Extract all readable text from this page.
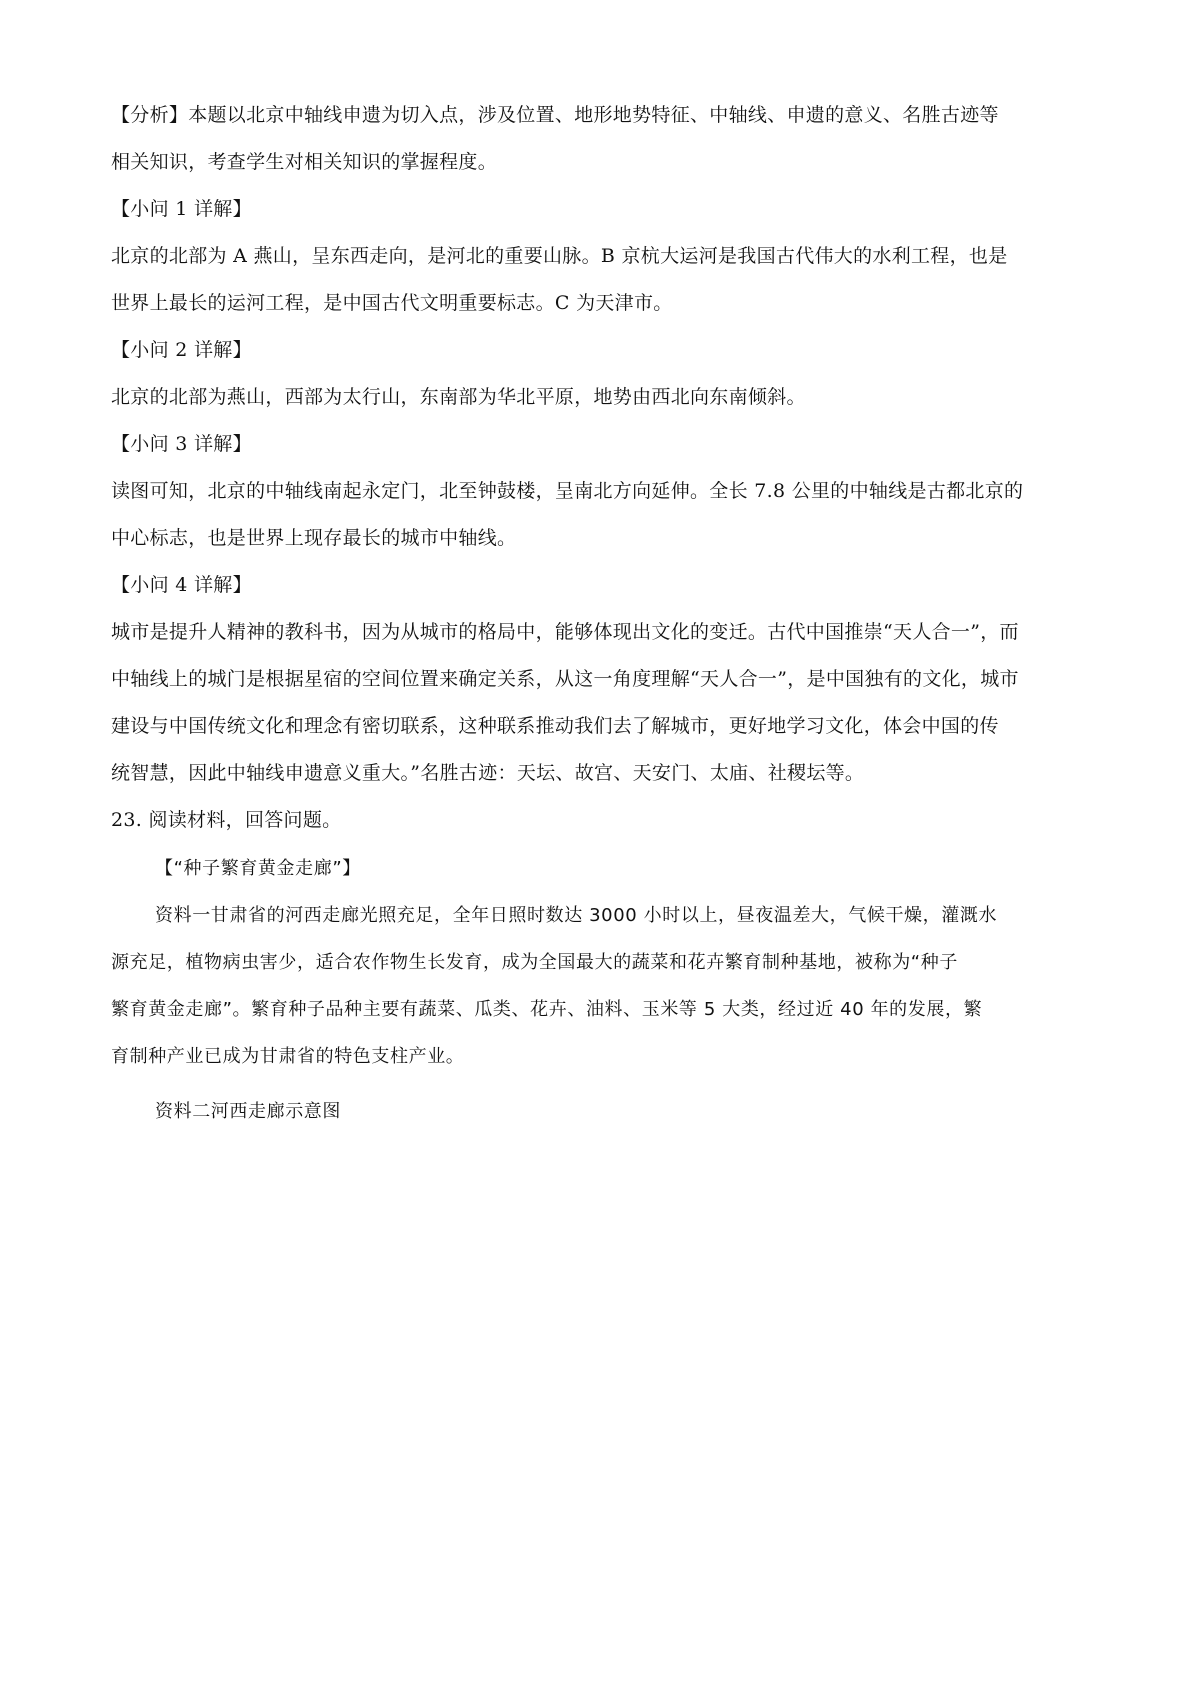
【分析】本题以北京中轴线申遗为切入点，涉及位置、地形地势特征、中轴线、申遗的意义、名胜古迹等
相关知识，考查学生对相关知识的掌握程度。
【小问 1 详解】
北京的北部为 A 燕山，呈东西走向，是河北的重要山脉。B 京杭大运河是我国古代伟大的水利工程，也是
世界上最长的运河工程，是中国古代文明重要标志。C 为天津市。
【小问 2 详解】
北京的北部为燕山，西部为太行山，东南部为华北平原，地势由西北向东南倾斜。
【小问 3 详解】
读图可知，北京的中轴线南起永定门，北至钟鼓楼，呈南北方向延伸。全长 7.8 公里的中轴线是古都北京的
中心标志，也是世界上现存最长的城市中轴线。
【小问 4 详解】
城市是提升人精神的教科书，因为从城市的格局中，能够体现出文化的变迁。古代中国推崇“天人合一”，而
中轴线上的城门是根据星宿的空间位置来确定关系，从这一角度理解“天人合一”，是中国独有的文化，城市
建设与中国传统文化和理念有密切联系，这种联系推动我们去了解城市，更好地学习文化，体会中国的传
统智慧，因此中轴线申遗意义重大。”名胜古迹：天坛、故宫、天安门、太庙、社稷坛等。
23. 阅读材料，回答问题。
【“种子繁育黄金走廊”】
资料一甘肃省的河西走廊光照充足，全年日照时数达 3000 小时以上，昼夜温差大，气候干燥，灌溉水
源充足，植物病虫害少，适合农作物生长发育，成为全国最大的蔬菜和花卉繁育制种基地，被称为“种子
繁育黄金走廊”。繁育种子品种主要有蔬菜、瓜类、花卉、油料、玉米等 5 大类，经过近 40 年的发展，繁
育制种产业已成为甘肃省的特色支柱产业。
资料二河西走廊示意图
